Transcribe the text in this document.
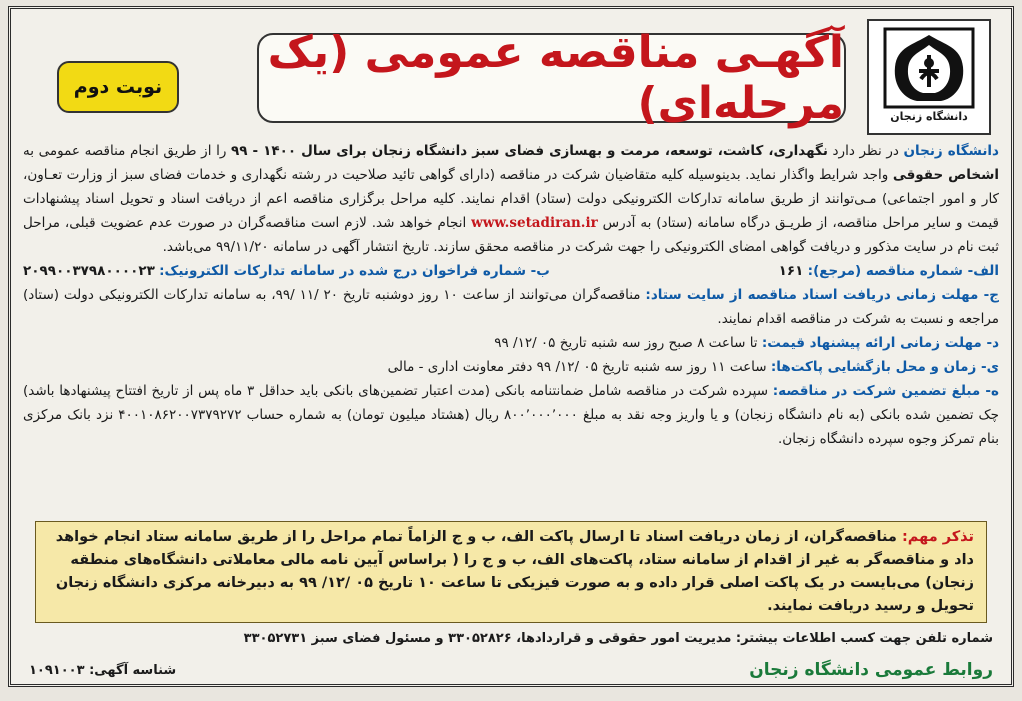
دانشگاه زنجان
آگهـی مناقصه عمومی (یک مرحله‌ای)
نوبت دوم

دانشگاه زنجان در نظر دارد نگهداری، کاشت، توسعه، مرمت و بهسازی فضای سبز دانشگاه زنجان برای سال ۱۴۰۰ - ۹۹ را از طریق انجام مناقصه عمومی به اشخاص حقوقی واجد شرایط واگذار نماید. بدینوسیله کلیه متقاضیان شرکت در مناقصه (دارای گواهی تائید صلاحیت در رشته نگهداری و خدمات فضای سبز از وزارت تعـاون، کار و امور اجتماعی) مـی‌توانند از طریق سامانه تدارکات الکترونیکی دولت (ستاد) اقدام نمایند. کلیه مراحل برگزاری مناقصه اعم از دریافت اسناد و تحویل اسناد پیشنهادات قیمت و سایر مراحل مناقصه، از طریـق درگاه سامانه (ستاد) به آدرس www.setadiran.ir انجام خواهد شد. لازم است مناقصه‌گران در صورت عدم عضویت قبلی، مراحل ثبت نام در سایت مذکور و دریافت گواهی امضای الکترونیکی را جهت شرکت در مناقصه محقق سازند. تاریخ انتشار آگهی در سامانه ۹۹/۱۱/۲۰ می‌باشد.

الف- شماره مناقصه (مرجع): ۱۶۱
ب- شماره فراخوان درج شده در سامانه تدارکات الکترونیک: ۲۰۹۹۰۰۳۷۹۸۰۰۰۰۲۳

ج- مهلت زمانی دریافت اسناد مناقصه از سایت ستاد: مناقصه‌گران می‌توانند از ساعت ۱۰ روز دوشنبه تاریخ ۲۰ /۱۱ /۹۹، به سامانه تدارکات الکترونیکی دولت (ستاد) مراجعه و نسبت به شرکت در مناقصه اقدام نمایند.

د- مهلت زمانی ارائه پیشنهاد قیمت: تا ساعت ۸ صبح روز سه شنبه تاریخ ۰۵ /۱۲/ ۹۹

ی- زمان و محل بازگشایی پاکت‌ها: ساعت ۱۱ روز سه شنبه تاریخ ۰۵ /۱۲/ ۹۹ دفتر معاونت اداری - مالی

ه- مبلغ تضمین شرکت در مناقصه: سپرده شرکت در مناقصه شامل ضمانتنامه بانکی (مدت اعتبار تضمین‌های بانکی باید حداقل ۳ ماه پس از تاریخ افتتاح پیشنهادها باشد) چک تضمین شده بانکی (به نام دانشگاه زنجان) و یا واریز وجه نقد به مبلغ ۸۰۰٬۰۰۰٬۰۰۰ ریال (هشتاد میلیون تومان) به شماره حساب ۴۰۰۱۰۸۶۲۰۰۷۳۷۹۲۷۲ نزد بانک مرکزی بنام تمرکز وجوه سپرده دانشگاه زنجان.

تذکر مهم: مناقصه‌گران، از زمان دریافت اسناد تا ارسال پاکت الف، ب و ج الزاماً تمام مراحل را از طریق سامانه ستاد انجام خواهد داد و مناقصه‌گر به غیر از اقدام از سامانه ستاد، پاکت‌های الف، ب و ج را ( براساس آیین نامه مالی معاملاتی دانشگاه‌های منطقه زنجان) می‌بایست در یک پاکت اصلی قرار داده و به صورت فیزیکی تا ساعت ۱۰ تاریخ ۰۵ /۱۲/ ۹۹ به دبیرخانه مرکزی دانشگاه زنجان تحویل و رسید دریافت نمایند.
شماره تلفن جهت کسب اطلاعات بیشتر: مدیریت امور حقوقی و قراردادها، ۳۳۰۵۲۸۲۶ و مسئول فضای سبز ۳۳۰۵۲۷۳۱
روابط عمومی دانشگاه زنجان
شناسه آگهی: ۱۰۹۱۰۰۳
